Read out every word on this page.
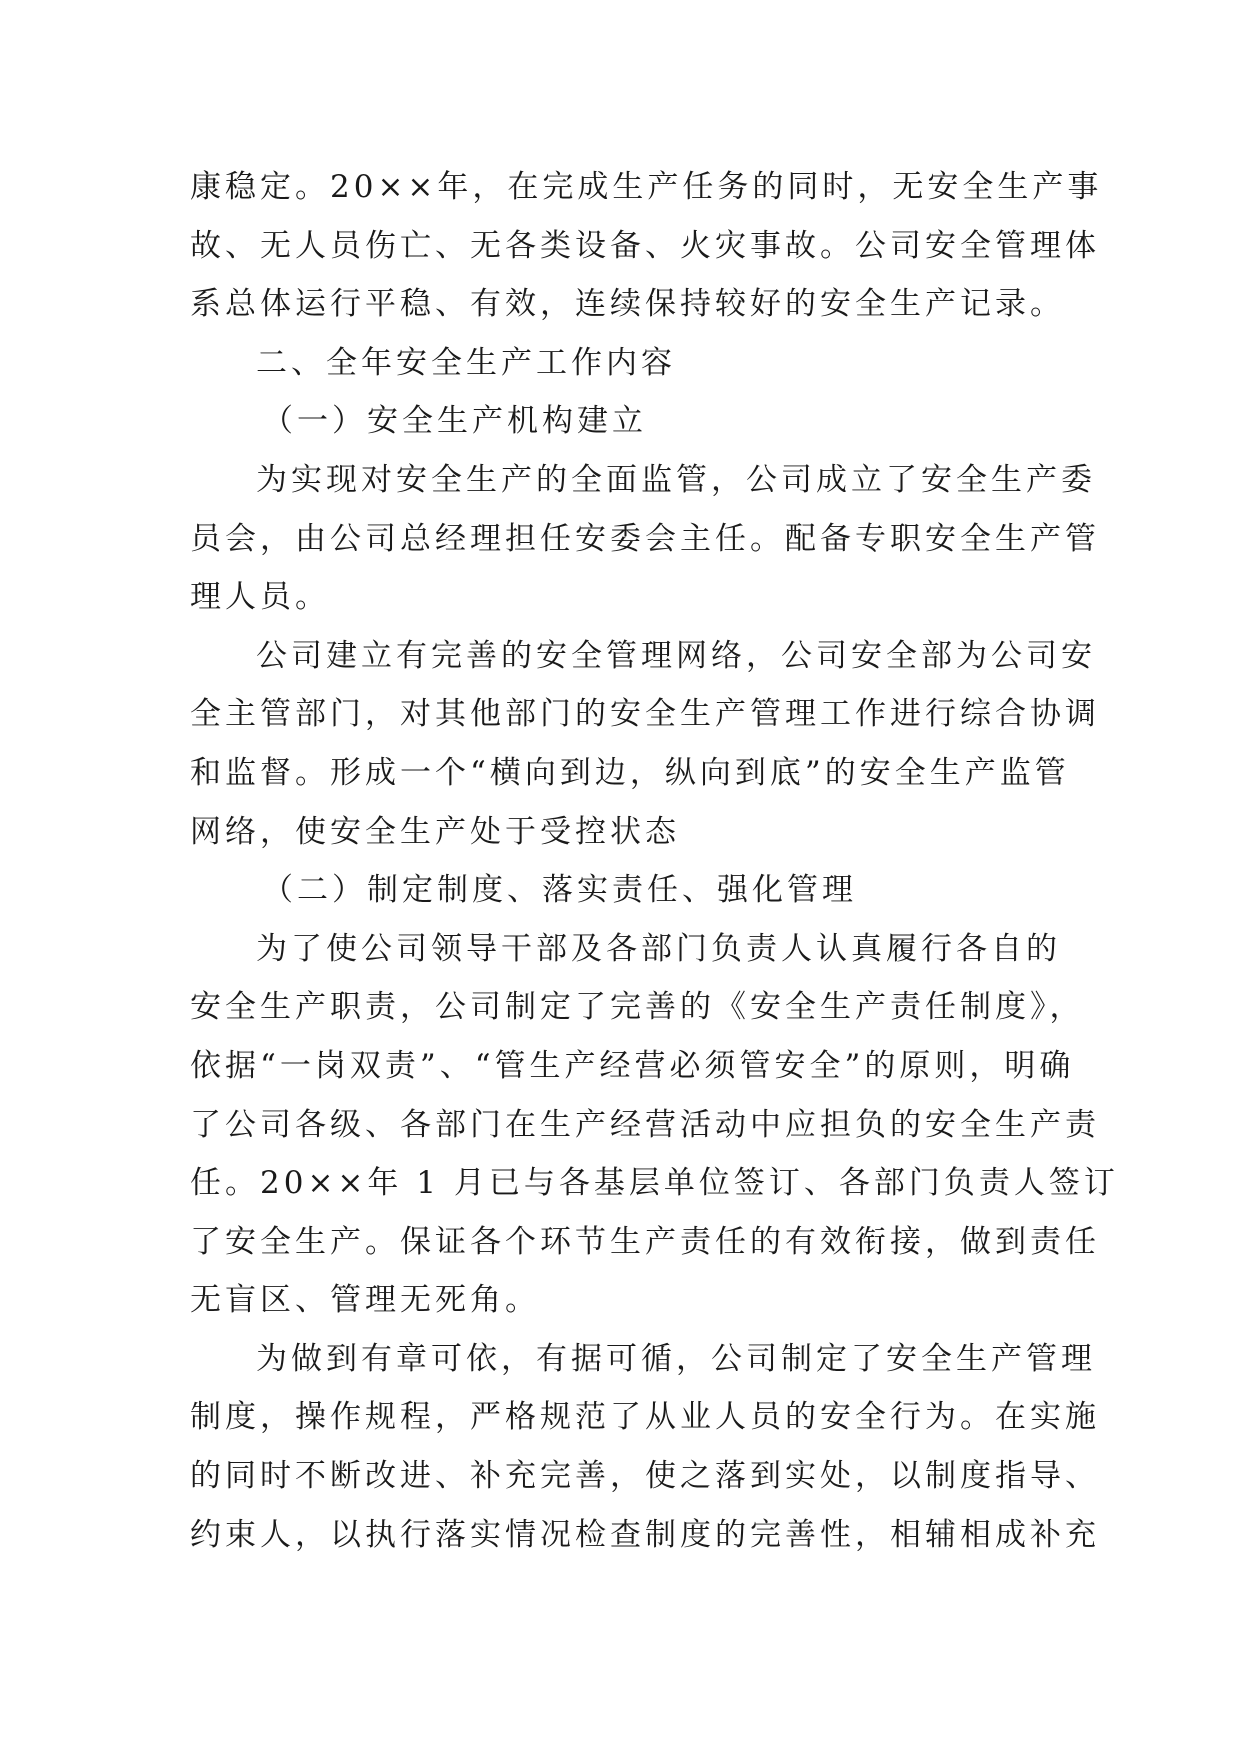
康稳定。20××年，在完成生产任务的同时，无安全生产事
故、无人员伤亡、无各类设备、火灾事故。公司安全管理体
系总体运行平稳、有效，连续保持较好的安全生产记录。
二、全年安全生产工作内容
（一）安全生产机构建立
为实现对安全生产的全面监管，公司成立了安全生产委
员会，由公司总经理担任安委会主任。配备专职安全生产管
理人员。
公司建立有完善的安全管理网络，公司安全部为公司安
全主管部门，对其他部门的安全生产管理工作进行综合协调
和监督。形成一个“横向到边，纵向到底”的安全生产监管
网络，使安全生产处于受控状态
（二）制定制度、落实责任、强化管理
为了使公司领导干部及各部门负责人认真履行各自的
安全生产职责，公司制定了完善的《安全生产责任制度》，
依据“一岗双责”、“管生产经营必须管安全”的原则，明确
了公司各级、各部门在生产经营活动中应担负的安全生产责
任。20××年 1 月已与各基层单位签订、各部门负责人签订
了安全生产。保证各个环节生产责任的有效衔接，做到责任
无盲区、管理无死角。
为做到有章可依，有据可循，公司制定了安全生产管理
制度，操作规程，严格规范了从业人员的安全行为。在实施
的同时不断改进、补充完善，使之落到实处，以制度指导、
约束人，以执行落实情况检查制度的完善性，相辅相成补充
